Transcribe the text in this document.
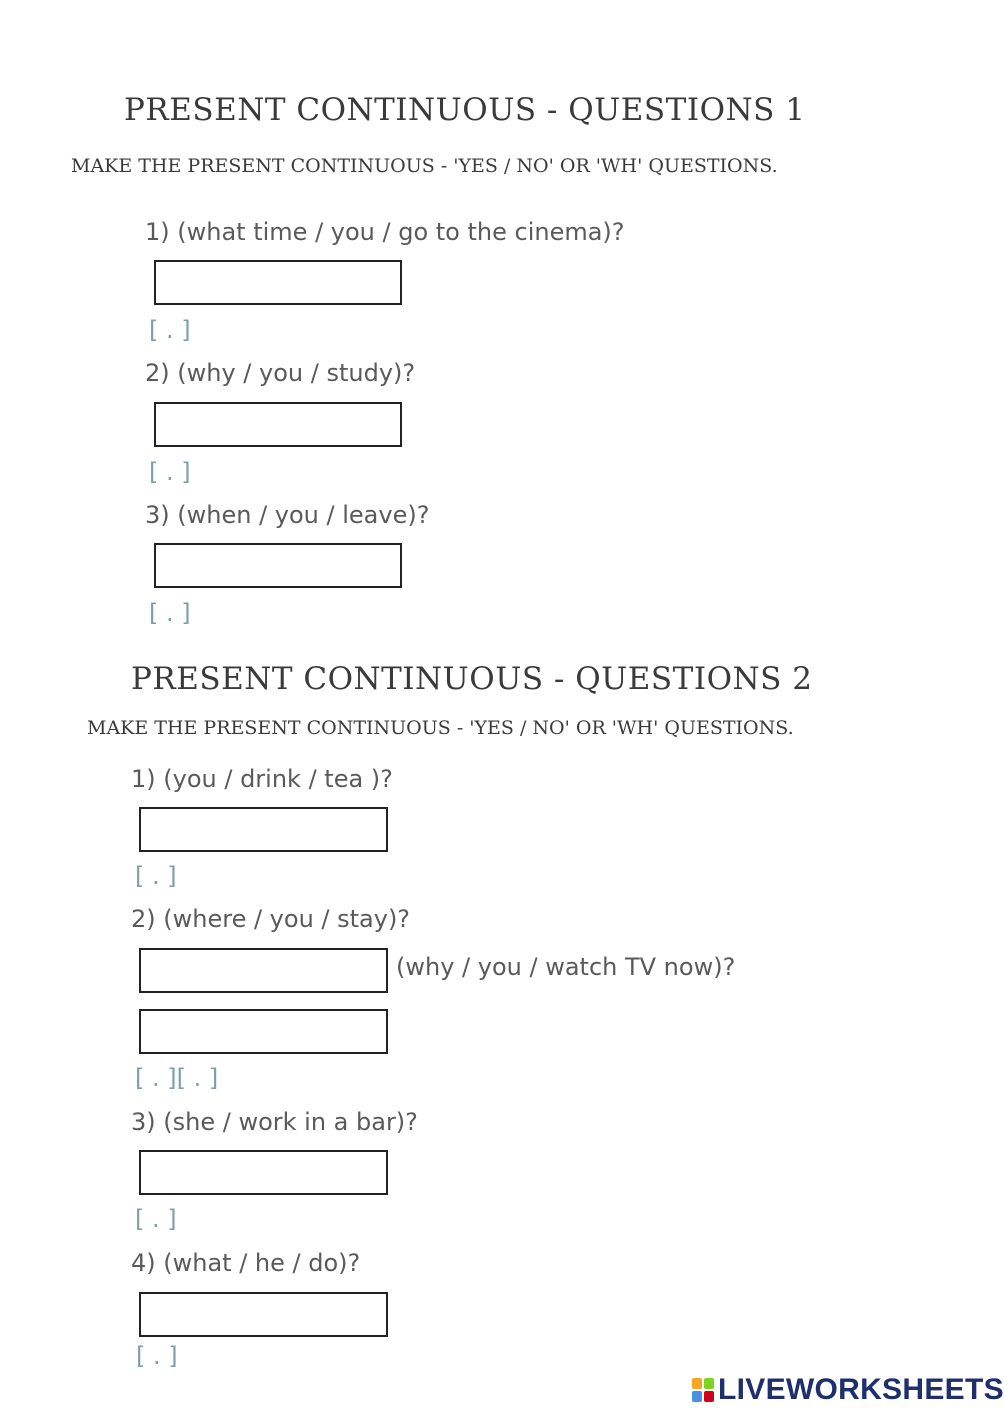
PRESENT CONTINUOUS - QUESTIONS 1
MAKE THE PRESENT CONTINUOUS - 'YES / NO' OR 'WH' QUESTIONS.
1) (what time / you / go to the cinema)?
[ . ]
2) (why / you / study)?
[ . ]
3) (when / you / leave)?
[ . ]
PRESENT CONTINUOUS - QUESTIONS 2
MAKE THE PRESENT CONTINUOUS - 'YES / NO' OR 'WH' QUESTIONS.
1) (you / drink / tea )?
[ . ]
2) (where / you / stay)?
(why / you / watch TV now)?
[ . ][ . ]
3) (she / work in a bar)?
[ . ]
4) (what / he / do)?
[ . ]
LIVEWORKSHEETS
